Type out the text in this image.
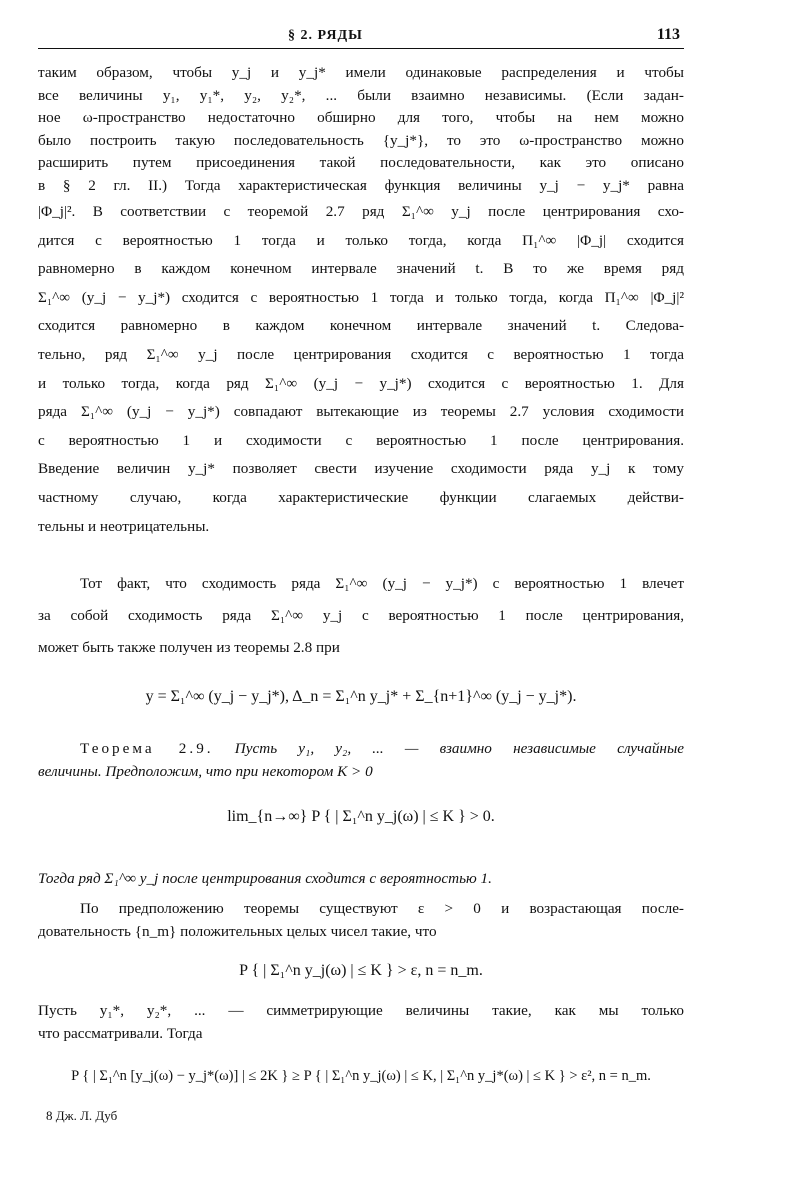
§ 2. РЯДЫ	113
таким образом, чтобы y_j и y_j* имели одинаковые распределения и чтобы
все величины y₁, y₁*, y₂, y₂*, ... были взаимно независимы. (Если задан-
ное ω-пространство недостаточно обширно для того, чтобы на нем можно
было построить такую последовательность {y_j*}, то это ω-пространство можно
расширить путем присоединения такой последовательности, как это описано
в § 2 гл. II.) Тогда характеристическая функция величины y_j − y_j* равна
|Φ_j|². В соответствии с теоремой 2.7 ряд Σ₁^∞ y_j после центрирования схо-
дится с вероятностью 1 тогда и только тогда, когда Π₁^∞ |Φ_j| сходится
равномерно в каждом конечном интервале значений t. В то же время ряд
Σ₁^∞ (y_j − y_j*) сходится с вероятностью 1 тогда и только тогда, когда Π₁^∞ |Φ_j|²
сходится равномерно в каждом конечном интервале значений t. Следова-
тельно, ряд Σ₁^∞ y_j после центрирования сходится с вероятностью 1 тогда
и только тогда, когда ряд Σ₁^∞ (y_j − y_j*) сходится с вероятностью 1. Для
ряда Σ₁^∞ (y_j − y_j*) совпадают вытекающие из теоремы 2.7 условия сходимости
с вероятностью 1 и сходимости с вероятностью 1 после центрирования.
Введение величин y_j* позволяет свести изучение сходимости ряда y_j к тому
частному случаю, когда характеристические функции слагаемых действи-
тельны и неотрицательны.
Тот факт, что сходимость ряда Σ₁^∞ (y_j − y_j*) с вероятностью 1 влечет
за собой сходимость ряда Σ₁^∞ y_j с вероятностью 1 после центрирования,
может быть также получен из теоремы 2.8 при
y = Σ₁^∞ (y_j − y_j*), Δ_n = Σ₁^n y_j* + Σ_{n+1}^∞ (y_j − y_j*).
Теорема 2.9. Пусть y₁, y₂, ... — взаимно независимые случайные
величины. Предположим, что при некотором K > 0
lim_{n→∞} P { | Σ₁^n y_j(ω) | ≤ K } > 0.
Тогда ряд Σ₁^∞ y_j после центрирования сходится с вероятностью 1.
По предположению теоремы существуют ε > 0 и возрастающая после-
довательность {n_m} положительных целых чисел такие, что
P { | Σ₁^n y_j(ω) | ≤ K } > ε, n = n_m.
Пусть y₁*, y₂*, ... — симметрирующие величины такие, как мы только
что рассматривали. Тогда
P { | Σ₁^n [y_j(ω) − y_j*(ω)] | ≤ 2K } ≥ P { | Σ₁^n y_j(ω) | ≤ K, | Σ₁^n y_j*(ω) | ≤ K } > ε², n = n_m.
8 Дж. Л. Дуб
